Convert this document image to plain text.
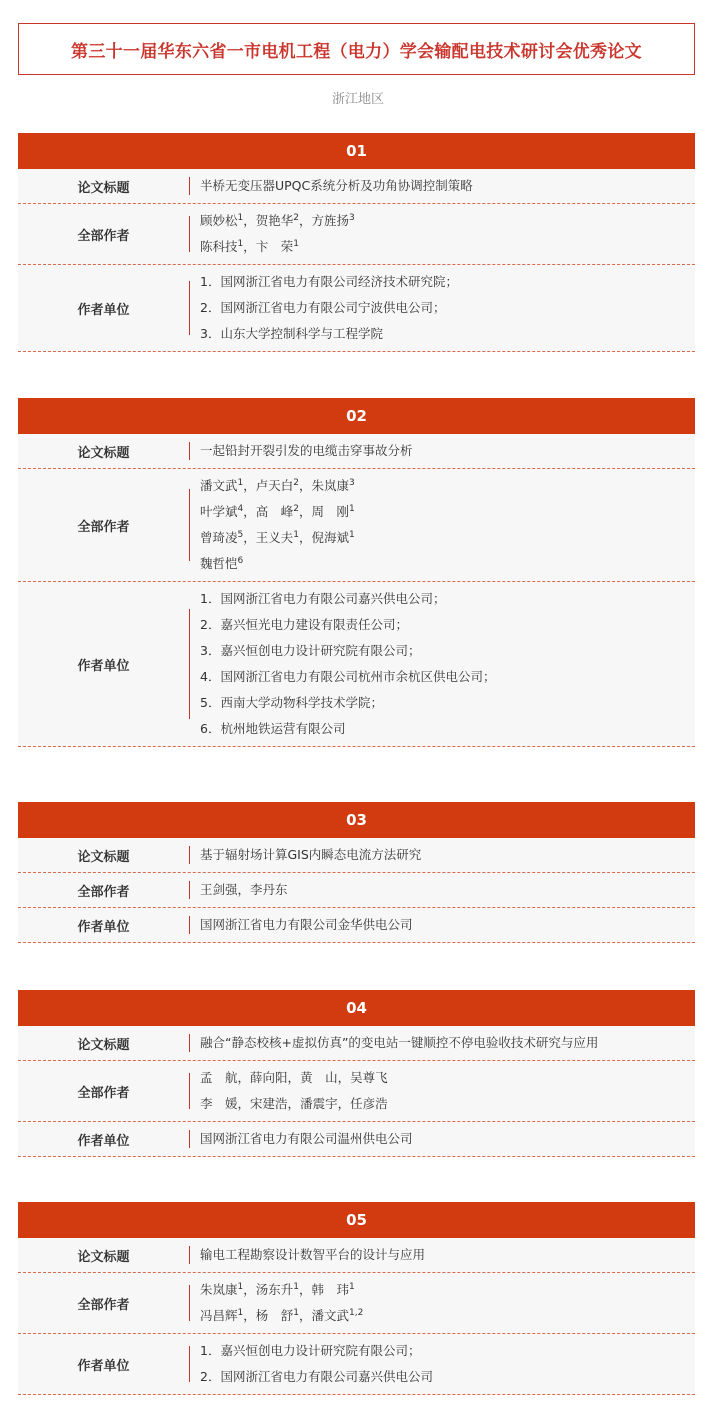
第三十一届华东六省一市电机工程（电力）学会输配电技术研讨会优秀论文
浙江地区
01
论文标题	半桥无变压器UPQC系统分析及功角协调控制策略
全部作者
顾妙松$^1$，贺艳华$^2$，方旌扬$^3$
陈科技$^1$，卞　荣$^1$
作者单位
1．国网浙江省电力有限公司经济技术研究院；
2．国网浙江省电力有限公司宁波供电公司；
3．山东大学控制科学与工程学院
02
论文标题	一起铅封开裂引发的电缆击穿事故分析
全部作者
潘文武$^1$，卢天白$^2$，朱岚康$^3$
叶学斌$^4$，高　峰$^2$，周　刚$^1$
曾琦凌$^5$，王义夫$^1$，倪海斌$^1$
魏哲恺$^6$
作者单位
1．国网浙江省电力有限公司嘉兴供电公司；
2．嘉兴恒光电力建设有限责任公司；
3．嘉兴恒创电力设计研究院有限公司；
4．国网浙江省电力有限公司杭州市余杭区供电公司；
5．西南大学动物科学技术学院；
6．杭州地铁运营有限公司
03
论文标题	基于辐射场计算GIS内瞬态电流方法研究
全部作者	王剑强，李丹东
作者单位	国网浙江省电力有限公司金华供电公司
04
论文标题	融合“静态校核+虚拟仿真”的变电站一键顺控不停电验收技术研究与应用
全部作者
孟　航，薛向阳，黄　山，吴尊飞
李　媛，宋建浩，潘震宇，任彦浩
作者单位	国网浙江省电力有限公司温州供电公司
05
论文标题	输电工程勘察设计数智平台的设计与应用
全部作者
朱岚康$^1$，汤东升$^1$，韩　玮$^1$
冯昌辉$^1$，杨　舒$^1$，潘文武$^{1,2}$
作者单位
1．嘉兴恒创电力设计研究院有限公司；
2．国网浙江省电力有限公司嘉兴供电公司
